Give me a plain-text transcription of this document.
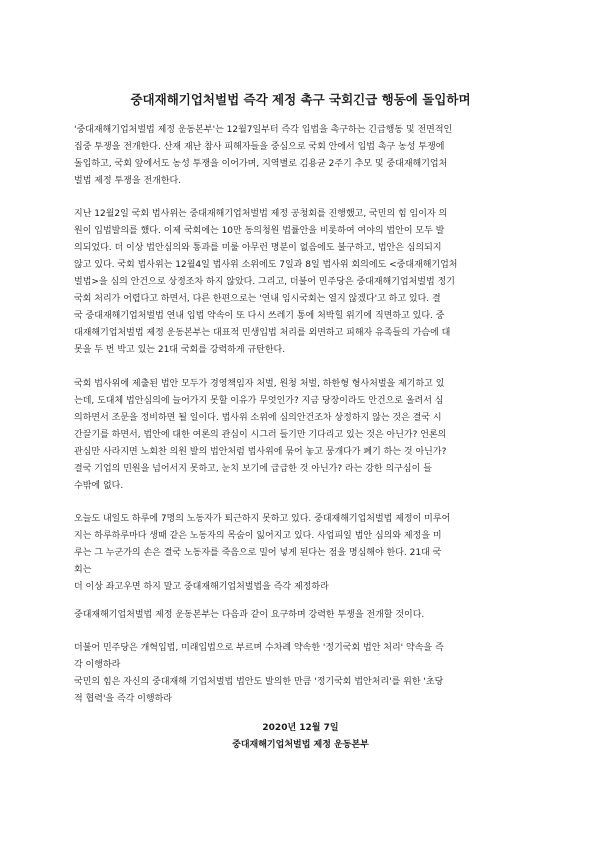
중대재해기업처벌법 즉각 제정 촉구 국회긴급 행동에 돌입하며
'중대재해기업처벌법 제정 운동본부'는 12월7일부터 즉각 입법을 촉구하는 긴급행동 및 전면적인
집중 투쟁을 전개한다. 산재 재난 참사 피해자들을 중심으로 국회 안에서 입법 촉구 농성 투쟁에
돌입하고, 국회 앞에서도 농성 투쟁을 이어가며, 지역별로 김용균 2주기 추모 및 중대재해기업처
벌법 제정 투쟁을 전개한다.
지난 12월2일 국회 법사위는 중대재해기업처벌법 제정 공청회를 진행했고, 국민의 힘 임이자 의
원이 입법발의를 했다. 이제 국회에는 10만 동의청원 법률안을 비롯하여 여야의 법안이 모두 발
의되었다. 더 이상 법안심의와 통과를 미룰 아무런 명분이 없음에도 불구하고, 법안은 심의되지
않고 있다. 국회 법사위는 12월4일 법사위 소위에도 7일과 8일 법사위 회의에도 <중대재해기업처
벌법>을 심의 안건으로 상정조차 하지 않았다. 그리고, 더불어 민주당은 중대재해기업처벌법 정기
국회 처리가 어렵다고 하면서, 다른 한편으로는 '연내 임시국회는 열지 않겠다'고 하고 있다. 결
국 중대재해기업처벌법 연내 입법 약속이 또 다시 쓰레기 통에 처박힐 위기에 직면하고 있다. 중
대재해기업처벌법 제정 운동본부는 대표적 민생입법 처리를 외면하고 피해자 유족들의 가슴에 대
못을 두 번 박고 있는 21대 국회를 강력하게 규탄한다.
국회 법사위에 제출된 법안 모두가 경영책임자 처벌, 원청 처벌, 하한형 형사처벌을 제기하고 있
는데, 도대체 법안심의에 늘어가지 못할 이유가 무엇인가? 지금 당장이라도 안건으로 올려서 심
의하면서 조문을 정비하면 될 일이다. 법사위 소위에 심의안건조차 상정하지 않는 것은 결국 시
간끌기를 하면서, 법안에 대한 여론의 관심이 시그러 들기만 기다리고 있는 것은 아닌가? 언론의
관심만 사라지면 노회찬 의원 발의 법안처럼 법사위에 묶어 놓고 뭉개다가 폐기 하는 것 아닌가?
결국 기업의 민원을 넘어서지 못하고, 눈치 보기에 급급한 것 아닌가? 라는 강한 의구심이 들
수밖에 없다.
오늘도 내일도 하루에 7명의 노동자가 퇴근하지 못하고 있다. 중대재해기업처벌법 제정이 미루어
지는 하루하루마다 생때 같은 노동자의 목숨이 잃어지고 있다. 사업피일 법안 심의와 제정을 미
루는 그 누군가의 손은 결국 노동자를 죽음으로 밀어 넣게 된다는 점을 명심해야 한다. 21대 국
회는
더 이상 좌고우면 하지 말고 중대재해기업처벌법을 즉각 제정하라
중대재해기업처벌법 제정 운동본부는 다음과 같이 요구하며 강력한 투쟁을 전개할 것이다.
더불어 민주당은 개혁입법, 미래입법으로 부르며 수차례 약속한 '정기국회 법안 처리' 약속을 즉
각 이행하라
국민의 힘은 자신의 중대재해 기업처벌법 법안도 발의한 만큼 '정기국회 법안처리'를 위한 '초당
적 협력'을 즉각 이행하라
2020년 12월 7일
중대재해기업처벌법 제정 운동본부
